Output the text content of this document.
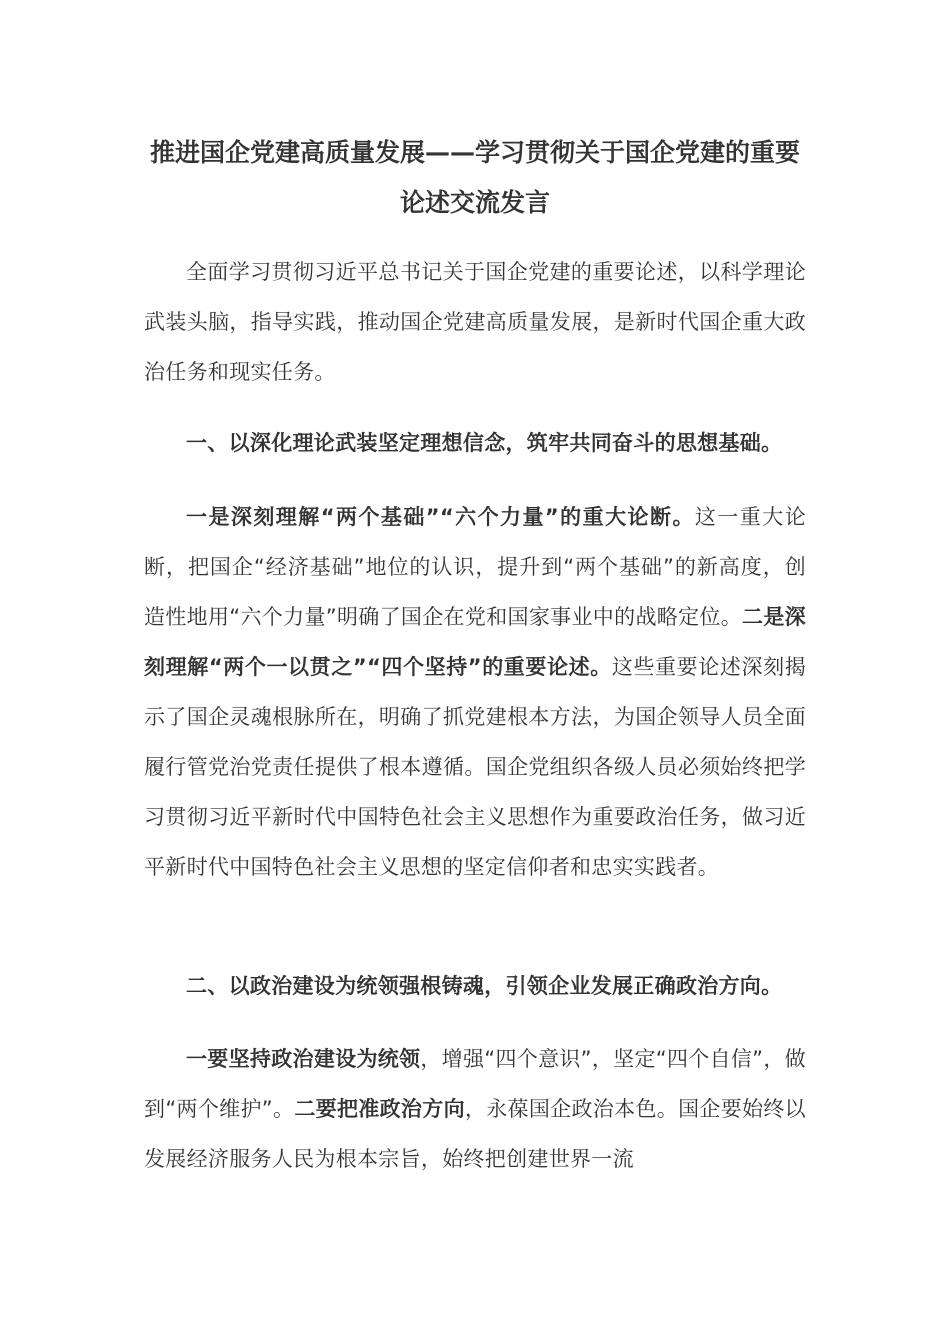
推进国企党建高质量发展——学习贯彻关于国企党建的重要论述交流发言

全面学习贯彻习近平总书记关于国企党建的重要论述，以科学理论武装头脑，指导实践，推动国企党建高质量发展，是新时代国企重大政治任务和现实任务。

一、以深化理论武装坚定理想信念，筑牢共同奋斗的思想基础。

一是深刻理解“两个基础”“六个力量”的重大论断。这一重大论断，把国企“经济基础”地位的认识，提升到“两个基础”的新高度，创造性地用“六个力量”明确了国企在党和国家事业中的战略定位。二是深刻理解“两个一以贯之”“四个坚持”的重要论述。这些重要论述深刻揭示了国企灵魂根脉所在，明确了抓党建根本方法，为国企领导人员全面履行管党治党责任提供了根本遵循。国企党组织各级人员必须始终把学习贯彻习近平新时代中国特色社会主义思想作为重要政治任务，做习近平新时代中国特色社会主义思想的坚定信仰者和忠实实践者。

二、以政治建设为统领强根铸魂，引领企业发展正确政治方向。

一要坚持政治建设为统领，增强“四个意识”，坚定“四个自信”，做到“两个维护”。二要把准政治方向，永葆国企政治本色。国企要始终以发展经济服务人民为根本宗旨，始终把创建世界一流
